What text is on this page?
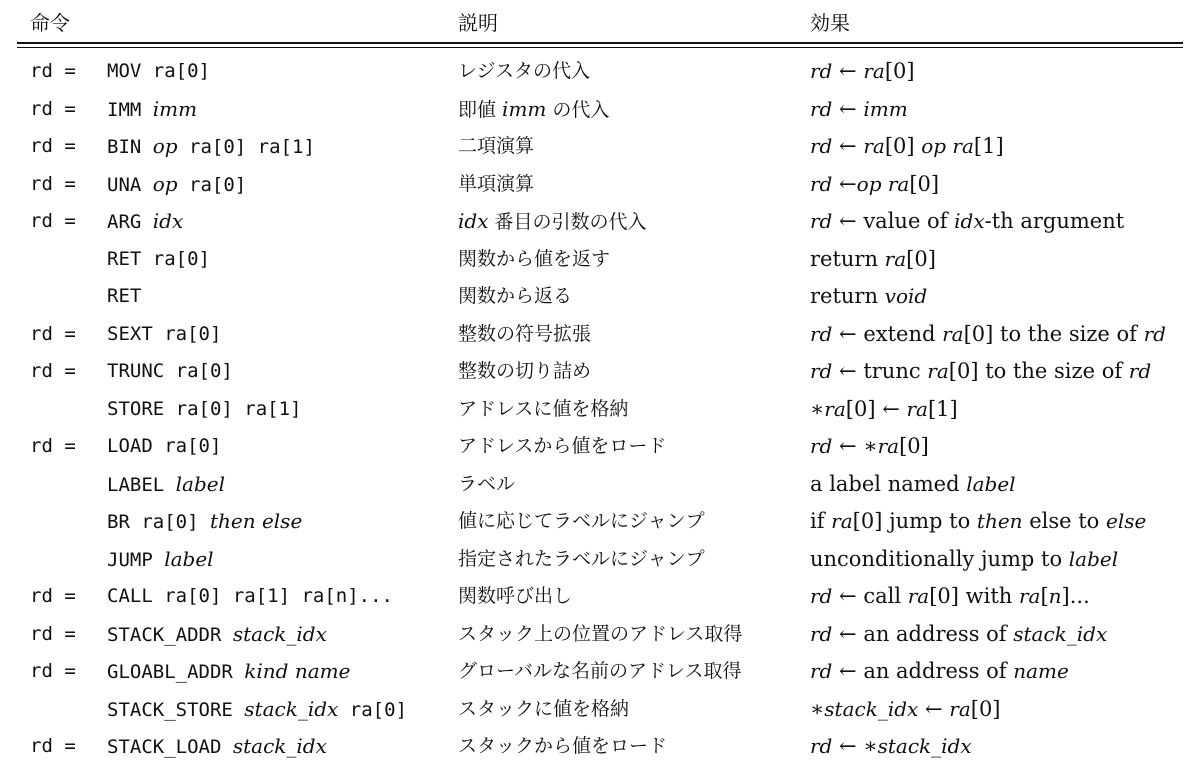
命令	説明	効果
rd = MOV ra[0]	レジスタの代入	rd ← ra[0]
rd = IMM imm	即値 imm の代入	rd ← imm
rd = BIN op ra[0] ra[1]	二項演算	rd ← ra[0] op ra[1]
rd = UNA op ra[0]	単項演算	rd ←op ra[0]
rd = ARG idx	idx 番目の引数の代入	rd ← value of idx-th argument
RET ra[0]	関数から値を返す	return ra[0]
RET	関数から返る	return void
rd = SEXT ra[0]	整数の符号拡張	rd ← extend ra[0] to the size of rd
rd = TRUNC ra[0]	整数の切り詰め	rd ← trunc ra[0] to the size of rd
STORE ra[0] ra[1]	アドレスに値を格納	∗ra[0] ← ra[1]
rd = LOAD ra[0]	アドレスから値をロード	rd ← ∗ra[0]
LABEL label	ラベル	a label named label
BR ra[0] then else	値に応じてラベルにジャンプ	if ra[0] jump to then else to else
JUMP label	指定されたラベルにジャンプ	unconditionally jump to label
rd = CALL ra[0] ra[1] ra[n]...	関数呼び出し	rd ← call ra[0] with ra[n]...
rd = STACK_ADDR stack_idx	スタック上の位置のアドレス取得	rd ← an address of stack_idx
rd = GLOABL_ADDR kind name	グローバルな名前のアドレス取得	rd ← an address of name
STACK_STORE stack_idx ra[0]	スタックに値を格納	∗stack_idx ← ra[0]
rd = STACK_LOAD stack_idx	スタックから値をロード	rd ← ∗stack_idx
